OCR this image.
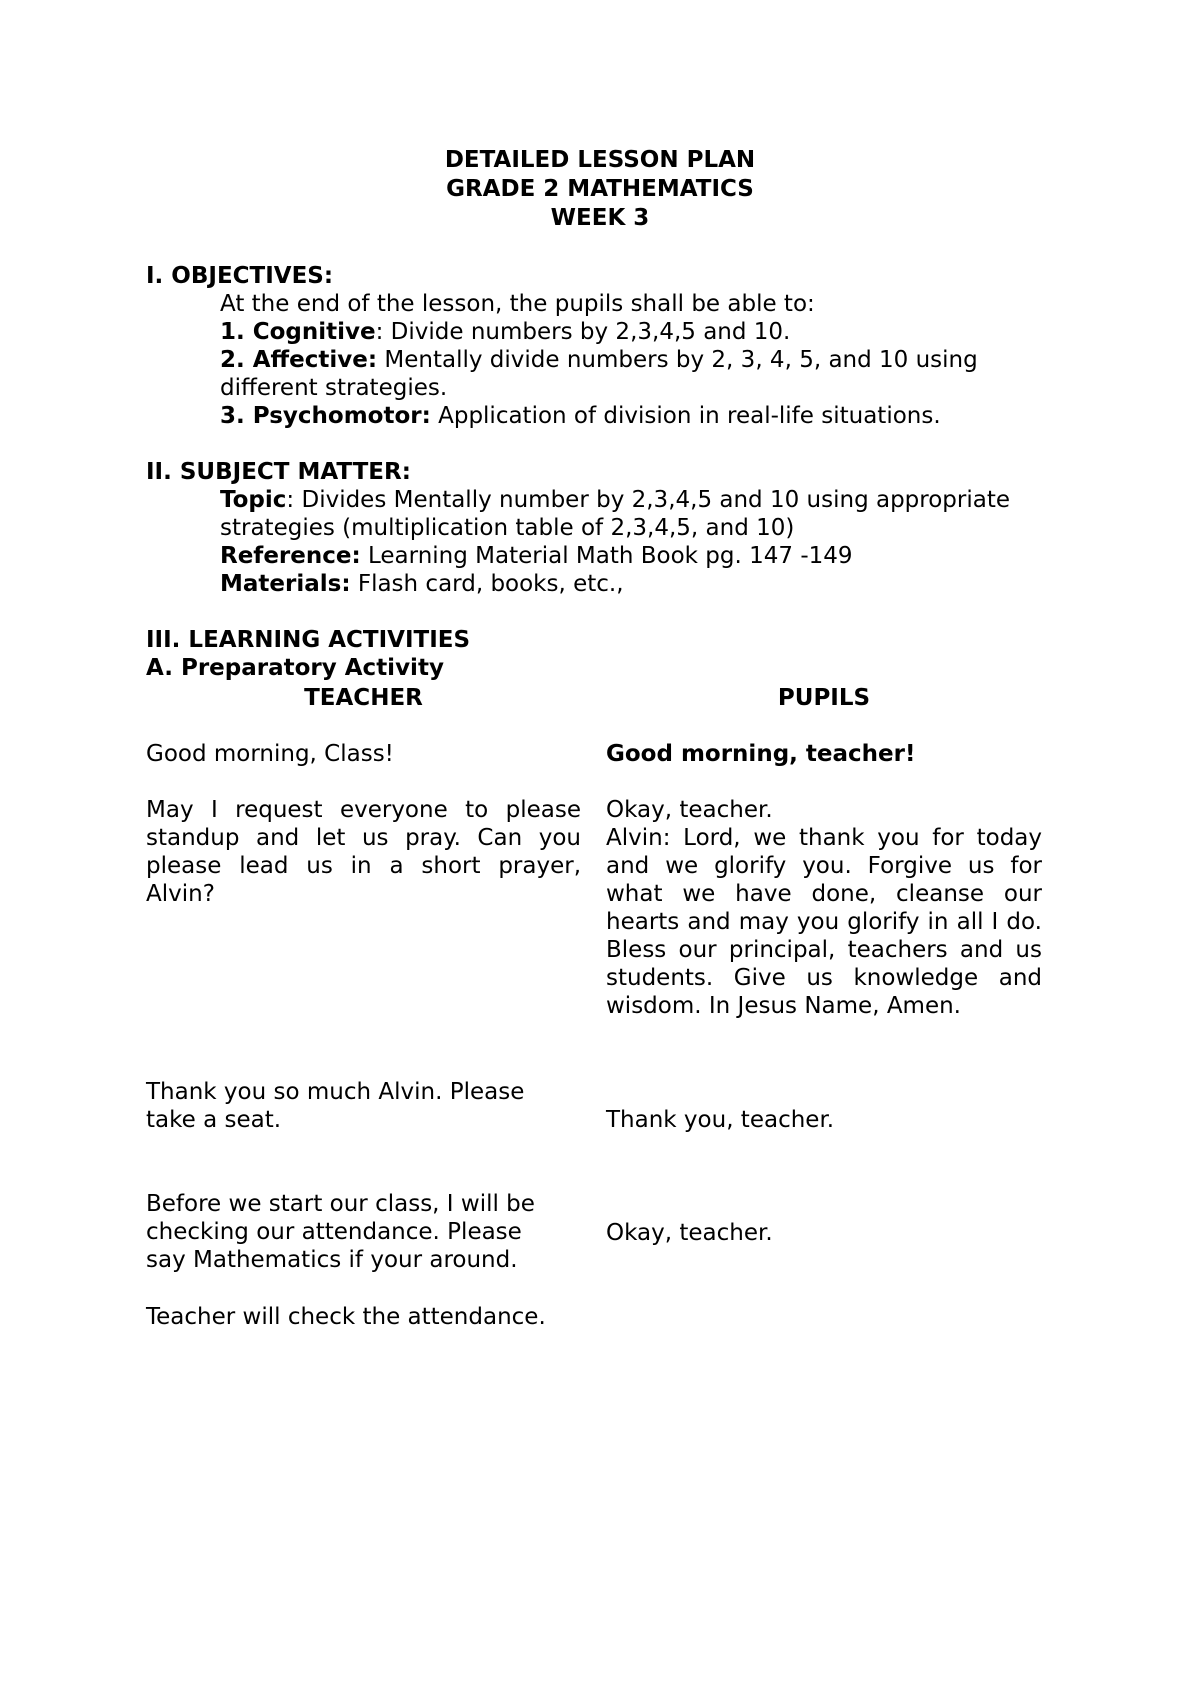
DETAILED LESSON PLAN
GRADE 2 MATHEMATICS
WEEK 3
I. OBJECTIVES:
At the end of the lesson, the pupils shall be able to:
1. Cognitive: Divide numbers by 2,3,4,5 and 10.
2. Affective: Mentally divide numbers by 2, 3, 4, 5, and 10 using different strategies.
3. Psychomotor: Application of division in real-life situations.
II. SUBJECT MATTER:
Topic: Divides Mentally number by 2,3,4,5 and 10 using appropriate strategies (multiplication table of 2,3,4,5, and 10)
Reference: Learning Material Math Book pg. 147 -149
Materials: Flash card, books, etc.,
III. LEARNING ACTIVITIES
A. Preparatory Activity
TEACHER	PUPILS
Good morning, Class!
May I request everyone to please standup and let us pray. Can you please lead us in a short prayer, Alvin?
Thank you so much Alvin. Please take a seat.
Before we start our class, I will be checking our attendance. Please say Mathematics if your around.
Teacher will check the attendance.
Good morning, teacher!
Okay, teacher.
Alvin: Lord, we thank you for today and we glorify you. Forgive us for what we have done, cleanse our hearts and may you glorify in all I do. Bless our principal, teachers and us students. Give us knowledge and wisdom. In Jesus Name, Amen.
Thank you, teacher.
Okay, teacher.
